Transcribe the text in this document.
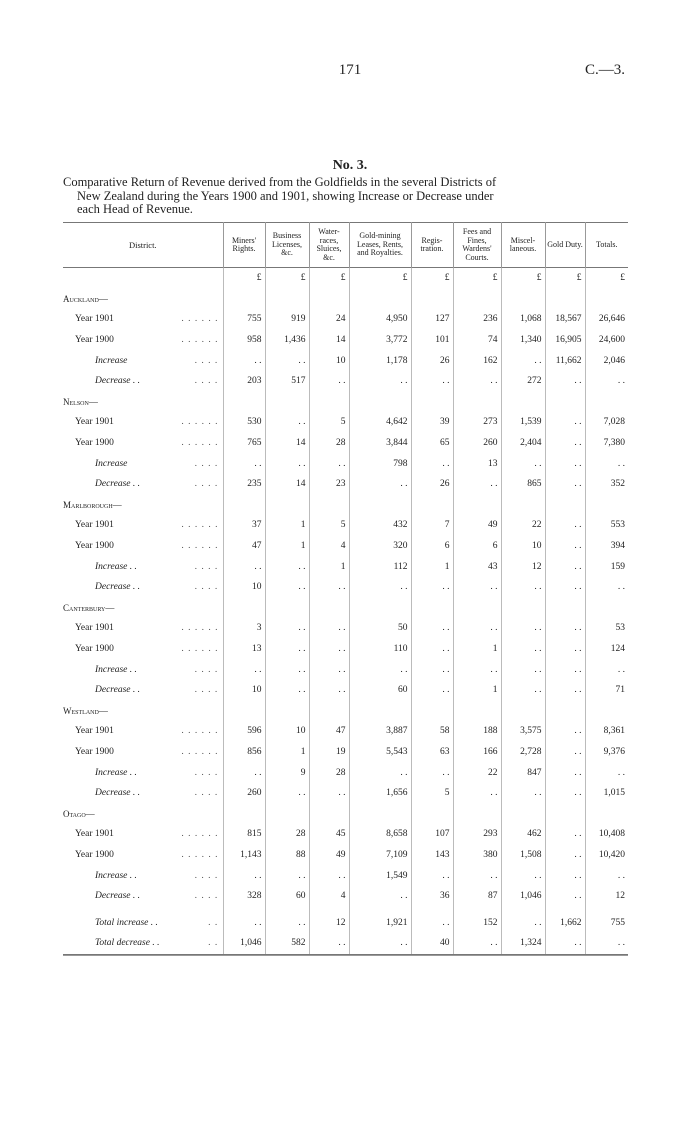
171	C.—3.
No. 3.
Comparative Return of Revenue derived from the Goldfields in the several Districts of
New Zealand during the Years 1900 and 1901, showing Increase or Decrease under
each Head of Revenue.
District.	Miners' Rights.	Business Licenses, &c.	Water-races, Sluices, &c.	Gold-mining Leases, Rents, and Royalties.	Regis-tration.	Fees and Fines, Wardens' Courts.	Miscel-laneous.	Gold Duty.	Totals.
	£	£	£	£	£	£	£	£	£
Auckland—									
Year 1901 . . . . . .	755	919	24	4,950	127	236	1,068	18,567	26,646
Year 1900 . . . . . .	958	1,436	14	3,772	101	74	1,340	16,905	24,600
Increase . . . .	. .	. .	10	1,178	26	162	. .	11,662	2,046
Decrease . . . . . .	203	517	. .	. .	. .	. .	272	. .	. .
Nelson—									
Year 1901 . . . . . .	530	. .	5	4,642	39	273	1,539	. .	7,028
Year 1900 . . . . . .	765	14	28	3,844	65	260	2,404	. .	7,380
Increase . . . .	. .	. .	. .	798	. .	13	. .	. .	. .
Decrease . . . . . .	235	14	23	. .	26	. .	865	. .	352
Marlborough—									
Year 1901 . . . . . .	37	1	5	432	7	49	22	. .	553
Year 1900 . . . . . .	47	1	4	320	6	6	10	. .	394
Increase . . . . . .	. .	. .	1	112	1	43	12	. .	159
Decrease . . . . . .	10	. .	. .	. .	. .	. .	. .	. .	. .
Canterbury—									
Year 1901 . . . . . .	3	. .	. .	50	. .	. .	. .	. .	53
Year 1900 . . . . . .	13	. .	. .	110	. .	1	. .	. .	124
Increase . . . . . .	. .	. .	. .	. .	. .	. .	. .	. .	. .
Decrease . . . . . .	10	. .	. .	60	. .	1	. .	. .	71
Westland—									
Year 1901 . . . . . .	596	10	47	3,887	58	188	3,575	. .	8,361
Year 1900 . . . . . .	856	1	19	5,543	63	166	2,728	. .	9,376
Increase . . . . . .	. .	9	28	. .	. .	22	847	. .	. .
Decrease . . . . . .	260	. .	. .	1,656	5	. .	. .	. .	1,015
Otago—									
Year 1901 . . . . . .	815	28	45	8,658	107	293	462	. .	10,408
Year 1900 . . . . . .	1,143	88	49	7,109	143	380	1,508	. .	10,420
Increase . . . . . .	. .	. .	. .	1,549	. .	. .	. .	. .	. .
Decrease . . . . . .	328	60	4	. .	36	87	1,046	. .	12

Total increase . . . .	. .	. .	12	1,921	. .	152	. .	1,662	755
Total decrease . . . .	1,046	582	. .	. .	40	. .	1,324	. .	. .
